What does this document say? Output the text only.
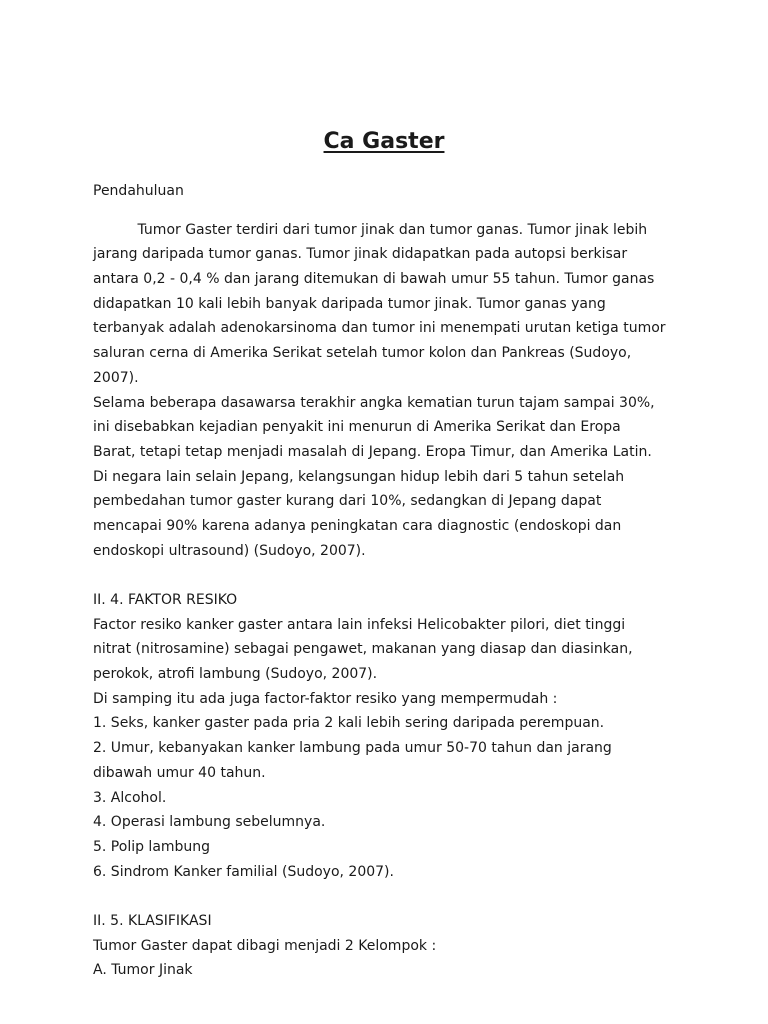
Ca Gaster
Pendahuluan
Tumor Gaster terdiri dari tumor jinak dan tumor ganas. Tumor jinak lebih
jarang daripada tumor ganas. Tumor jinak didapatkan pada autopsi berkisar
antara 0,2 - 0,4 % dan jarang ditemukan di bawah umur 55 tahun. Tumor ganas
didapatkan 10 kali lebih banyak daripada tumor jinak. Tumor ganas yang
terbanyak adalah adenokarsinoma dan tumor ini menempati urutan ketiga tumor
saluran cerna di Amerika Serikat setelah tumor kolon dan Pankreas (Sudoyo,
2007).
Selama beberapa dasawarsa terakhir angka kematian turun tajam sampai 30%,
ini disebabkan kejadian penyakit ini menurun di Amerika Serikat dan Eropa
Barat, tetapi tetap menjadi masalah di Jepang. Eropa Timur, dan Amerika Latin.
Di negara lain selain Jepang, kelangsungan hidup lebih dari 5 tahun setelah
pembedahan tumor gaster kurang dari 10%, sedangkan di Jepang dapat
mencapai 90% karena adanya peningkatan cara diagnostic (endoskopi dan
endoskopi ultrasound) (Sudoyo, 2007).
II. 4. FAKTOR RESIKO
Factor resiko kanker gaster antara lain infeksi Helicobakter pilori, diet tinggi
nitrat (nitrosamine) sebagai pengawet, makanan yang diasap dan diasinkan,
perokok, atrofi lambung (Sudoyo, 2007).
Di samping itu ada juga factor-faktor resiko yang mempermudah :
1. Seks, kanker gaster pada pria 2 kali lebih sering daripada perempuan.
2. Umur, kebanyakan kanker lambung pada umur 50-70 tahun dan jarang
dibawah umur 40 tahun.
3. Alcohol.
4. Operasi lambung sebelumnya.
5. Polip lambung
6. Sindrom Kanker familial (Sudoyo, 2007).
II. 5. KLASIFIKASI
Tumor Gaster dapat dibagi menjadi 2 Kelompok :
A. Tumor Jinak
